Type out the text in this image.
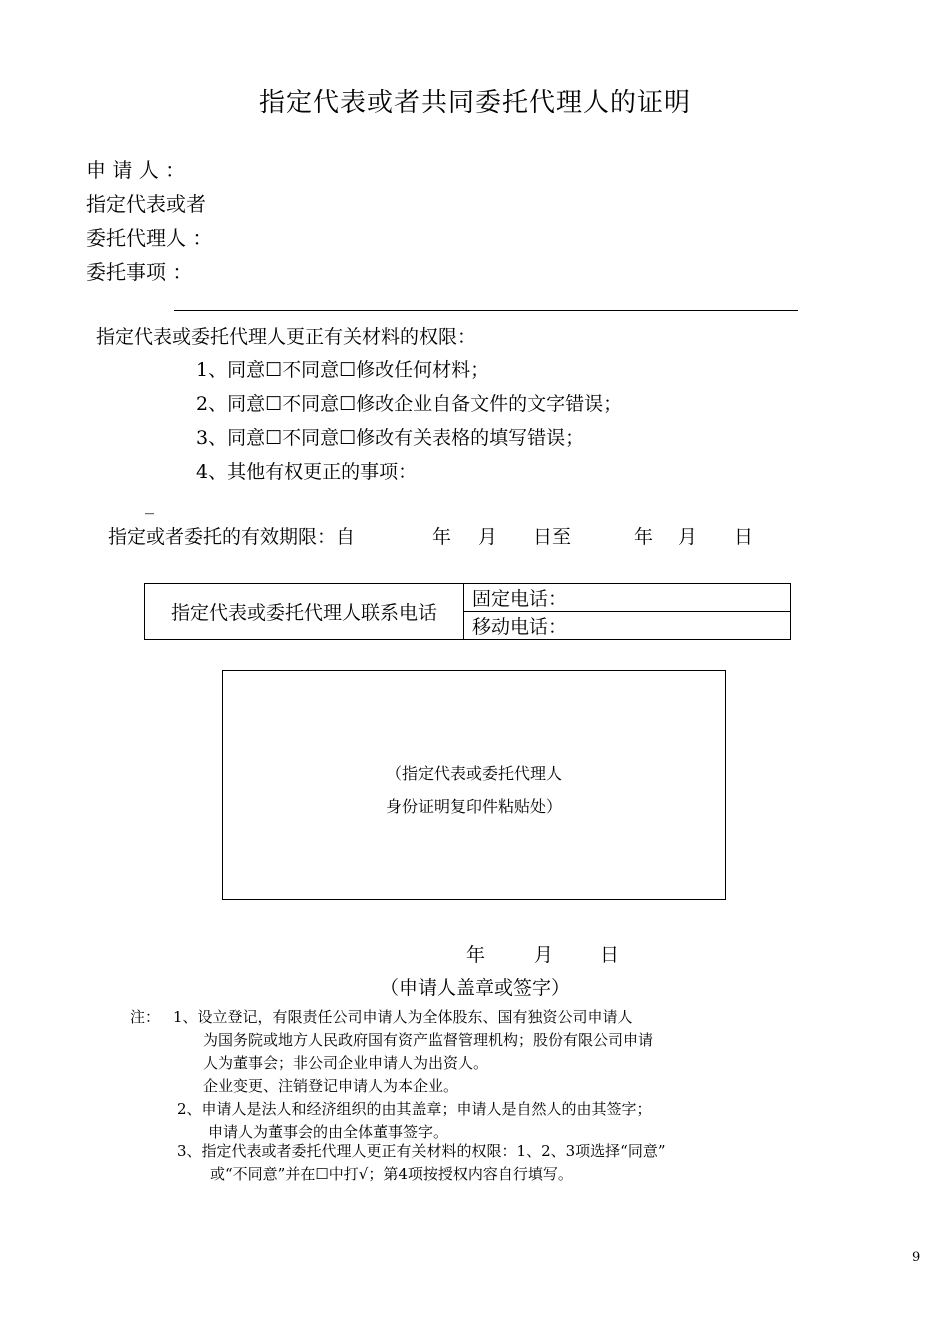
指定代表或者共同委托代理人的证明
申 请 人 ：
指定代表或者
委托代理人 ：
委托事项 ：
指定代表或委托代理人更正有关材料的权限：
1、同意☐不同意☐修改任何材料；
2、同意☐不同意☐修改企业自备文件的文字错误；
3、同意☐不同意☐修改有关表格的填写错误；
4、其他有权更正的事项：
_
指定或者委托的有效期限：自	年 月 日至	年 月 日
指定代表或委托代理人联系电话	固定电话：
移动电话：
（指定代表或委托代理人
身份证明复印件粘贴处）
年	月 日
（申请人盖章或签字）
注： 1、设立登记，有限责任公司申请人为全体股东、国有独资公司申请人
为国务院或地方人民政府国有资产监督管理机构；股份有限公司申请
人为董事会；非公司企业申请人为出资人。
企业变更、注销登记申请人为本企业。
2、申请人是法人和经济组织的由其盖章；申请人是自然人的由其签字；
申请人为董事会的由全体董事签字。
3、指定代表或者委托代理人更正有关材料的权限：1、2、3项选择“同意”
或“不同意”并在☐中打√；第4项按授权内容自行填写。
9
